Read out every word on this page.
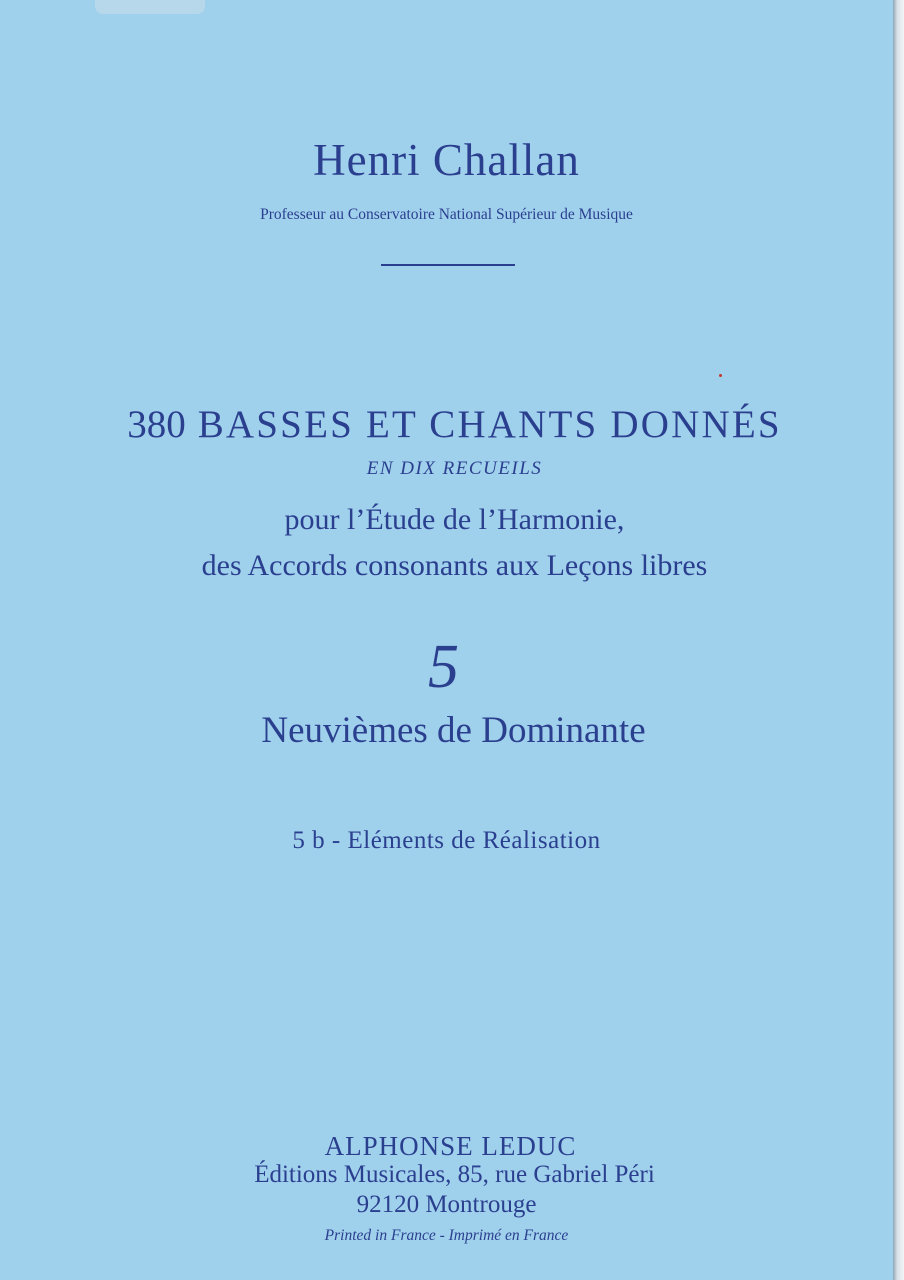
Henri Challan
Professeur au Conservatoire National Supérieur de Musique
380 BASSES ET CHANTS DONNÉS
EN DIX RECUEILS
pour l’Étude de l’Harmonie,
des Accords consonants aux Leçons libres
5
Neuvièmes de Dominante
5 b - Eléments de Réalisation
ALPHONSE LEDUC
Éditions Musicales, 85, rue Gabriel Péri
92120 Montrouge
Printed in France - Imprimé en France
